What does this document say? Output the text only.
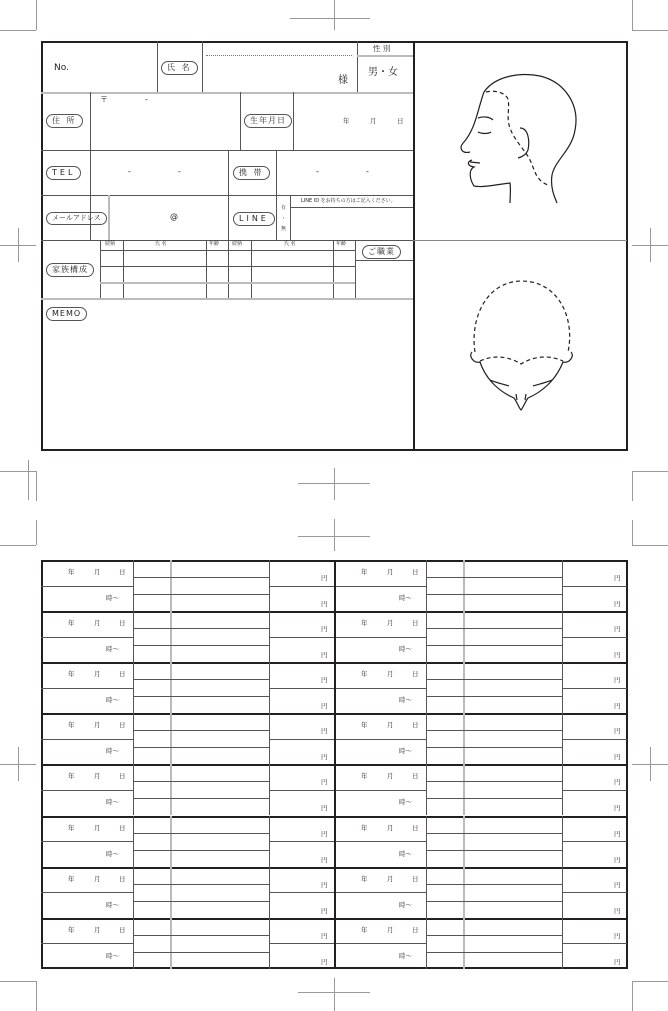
No.	氏 名
様
性 別
男・女
住 所
〒	-
生年月日	年	月	日
TEL	-	-	携 帯	-	-
メールアドレス	@	LINE
有
・
無
LINE ID をお持ちの方はご記入ください。
家族構成
続柄	氏 名	年齢	続柄	氏 名	年齢
ご職業
MEMO
年	月	日
時～
円
円
年	月	日
時～
円
円
年	月	日
時～
円
円
年	月	日
時～
円
円
年	月	日
時～
円
円
年	月	日
時～
円
円
年	月	日
時～
円
円
年	月	日
時～
円
円
年	月	日
時～
円
円
年	月	日
時～
円
円
年	月	日
時～
円
円
年	月	日
時～
円
円
年	月	日
時～
円
円
年	月	日
時～
円
円
年	月	日
時～
円
円
年	月	日
時～
円
円
